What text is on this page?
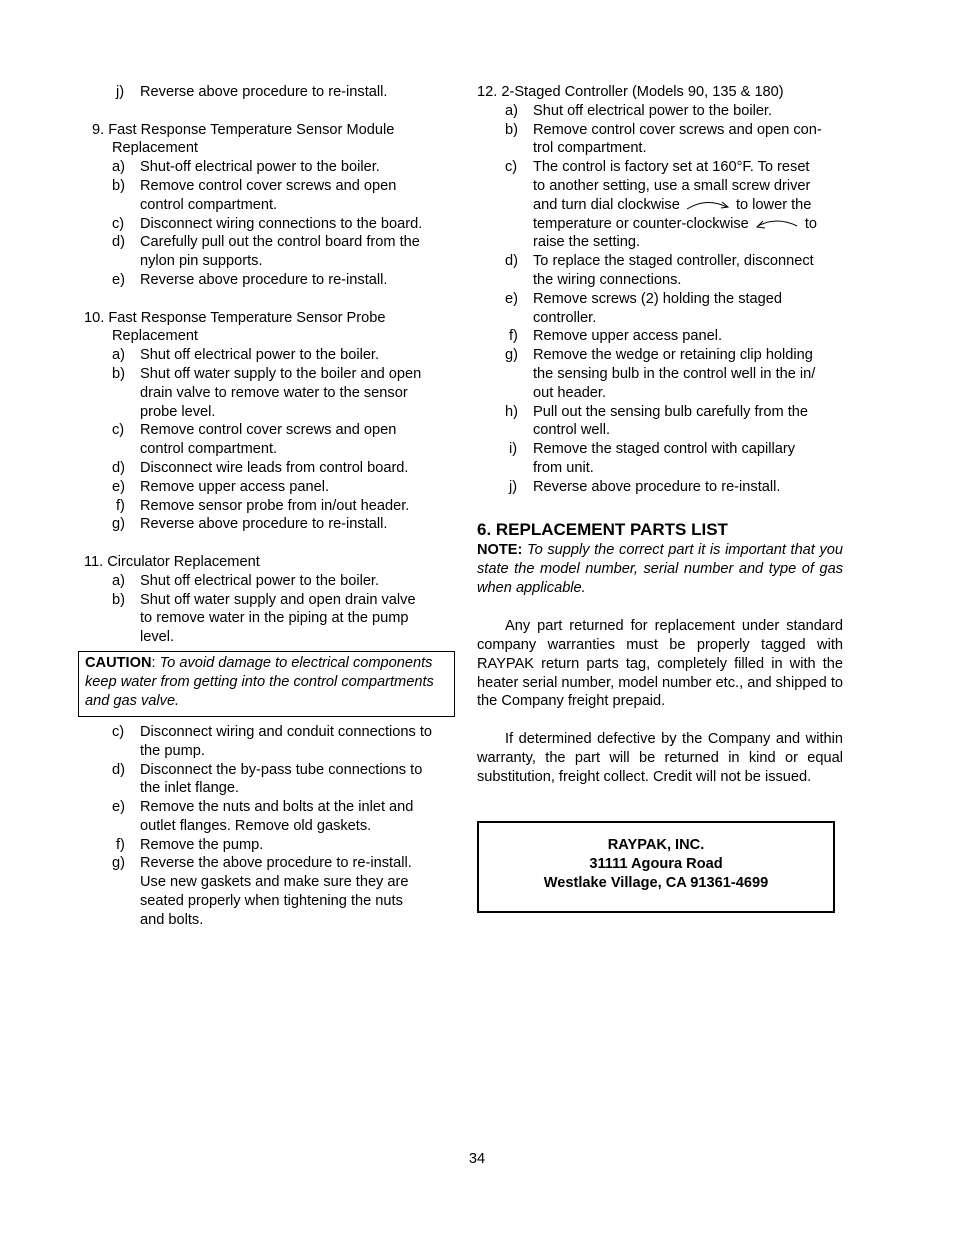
j) Reverse above procedure to re-install.
9. Fast Response Temperature Sensor Module
Replacement
a) Shut-off electrical power to the boiler.
b) Remove control cover screws and open
control compartment.
c) Disconnect wiring connections to the board.
d) Carefully pull out the control board from the
nylon pin supports.
e) Reverse above procedure to re-install.
10. Fast Response Temperature Sensor Probe
Replacement
a) Shut off electrical power to the boiler.
b) Shut off water supply to the boiler and open
drain valve to remove water to the sensor
probe level.
c) Remove control cover screws and open
control compartment.
d) Disconnect wire leads from control board.
e) Remove upper access panel.
f) Remove sensor probe from in/out header.
g) Reverse above procedure to re-install.
11. Circulator Replacement
a) Shut off electrical power to the boiler.
b) Shut off water supply and open drain valve
to remove water in the piping at the pump
level.
CAUTION: To avoid damage to electrical components
keep water from getting into the control compartments
and gas valve.
c) Disconnect wiring and conduit connections to
the pump.
d) Disconnect the by-pass tube connections to
the inlet flange.
e) Remove the nuts and bolts at the inlet and
outlet flanges. Remove old gaskets.
f) Remove the pump.
g) Reverse the above procedure to re-install.
Use new gaskets and make sure they are
seated properly when tightening the nuts
and bolts.
12. 2-Staged Controller (Models 90, 135 & 180)
a) Shut off electrical power to the boiler.
b) Remove control cover screws and open con-
trol compartment.
c) The control is factory set at 160°F. To reset
to another setting, use a small screw driver
and turn dial clockwise	to lower the
temperature or counter-clockwise	to
raise the setting.
d) To replace the staged controller, disconnect
the wiring connections.
e) Remove screws (2) holding the staged
controller.
f) Remove upper access panel.
g) Remove the wedge or retaining clip holding
the sensing bulb in the control well in the in/
out header.
h) Pull out the sensing bulb carefully from the
control well.
i) Remove the staged control with capillary
from unit.
j) Reverse above procedure to re-install.
6. REPLACEMENT PARTS LIST
NOTE: To supply the correct part it is important that you state the model number, serial number and type of gas when applicable.
Any part returned for replacement under standard company warranties must be properly tagged with RAYPAK return parts tag, completely filled in with the heater serial number, model number etc., and shipped to the Company freight prepaid.
If determined defective by the Company and within warranty, the part will be returned in kind or equal substitution, freight collect. Credit will not be issued.
RAYPAK, INC.
31111 Agoura Road
Westlake Village, CA 91361-4699
34
